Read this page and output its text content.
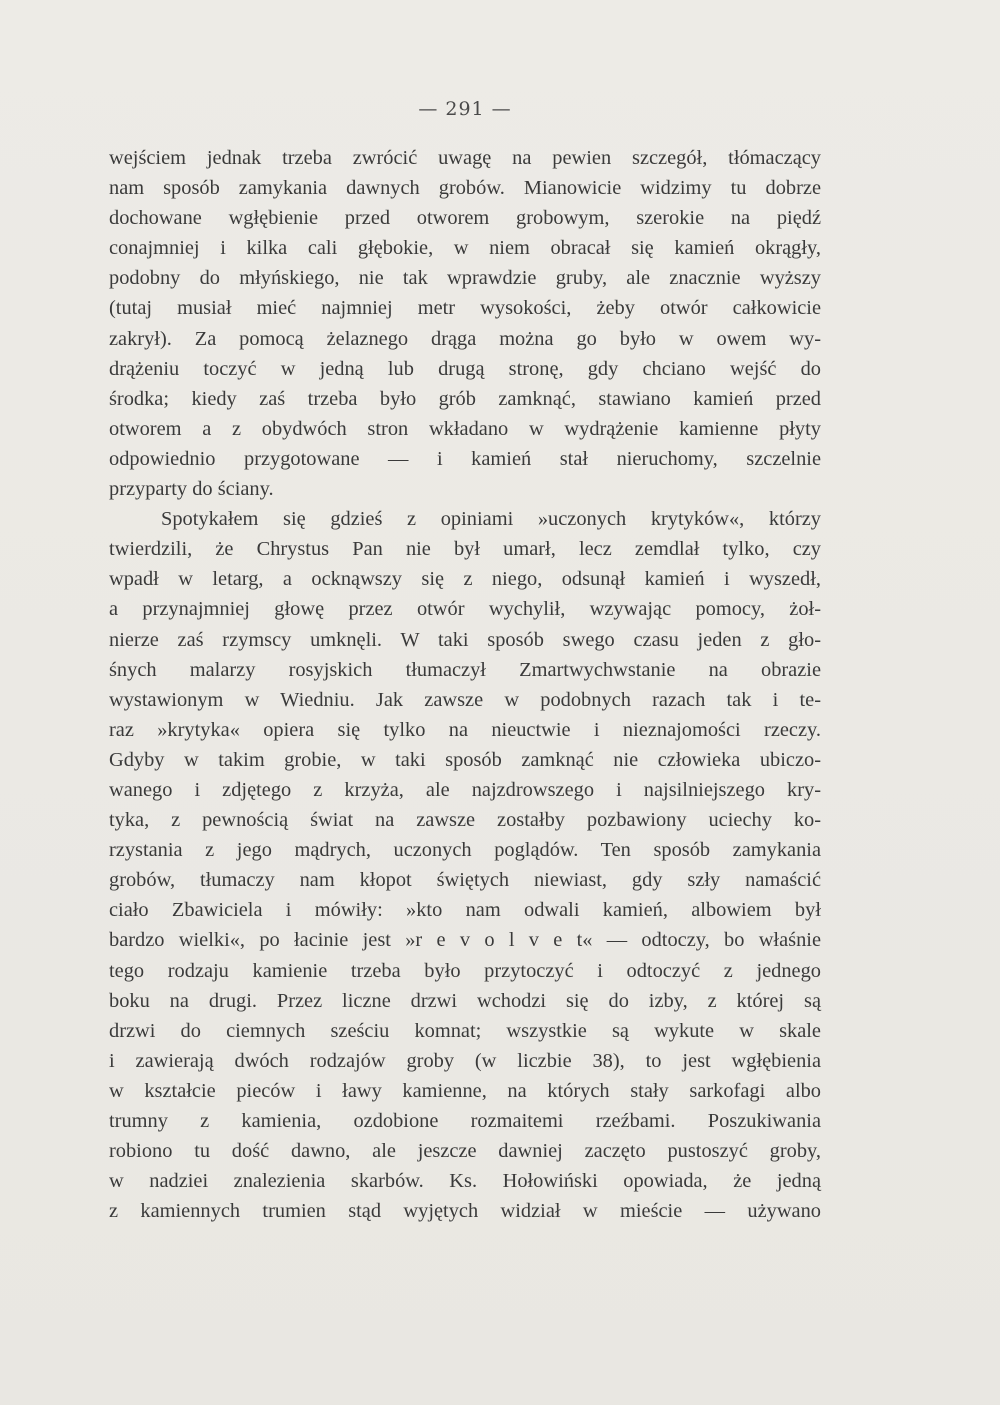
— 291 —
wejściem jednak trzeba zwrócić uwagę na pewien szczegół, tłómaczący
nam sposób zamykania dawnych grobów. Mianowicie widzimy tu dobrze
dochowane wgłębienie przed otworem grobowym, szerokie na piędź
conajmniej i kilka cali głębokie, w niem obracał się kamień okrągły,
podobny do młyńskiego, nie tak wprawdzie gruby, ale znacznie wyższy
(tutaj musiał mieć najmniej metr wysokości, żeby otwór całkowicie
zakrył). Za pomocą żelaznego drąga można go było w owem wy-
drążeniu toczyć w jedną lub drugą stronę, gdy chciano wejść do
środka; kiedy zaś trzeba było grób zamknąć, stawiano kamień przed
otworem a z obydwóch stron wkładano w wydrążenie kamienne płyty
odpowiednio przygotowane — i kamień stał nieruchomy, szczelnie
przyparty do ściany.
Spotykałem się gdzieś z opiniami »uczonych krytyków«, którzy
twierdzili, że Chrystus Pan nie był umarł, lecz zemdlał tylko, czy
wpadł w letarg, a ocknąwszy się z niego, odsunął kamień i wyszedł,
a przynajmniej głowę przez otwór wychylił, wzywając pomocy, żoł-
nierze zaś rzymscy umknęli. W taki sposób swego czasu jeden z gło-
śnych malarzy rosyjskich tłumaczył Zmartwychwstanie na obrazie
wystawionym w Wiedniu. Jak zawsze w podobnych razach tak i te-
raz »krytyka« opiera się tylko na nieuctwie i nieznajomości rzeczy.
Gdyby w takim grobie, w taki sposób zamknąć nie człowieka ubiczo-
wanego i zdjętego z krzyża, ale najzdrowszego i najsilniejszego kry-
tyka, z pewnością świat na zawsze zostałby pozbawiony uciechy ko-
rzystania z jego mądrych, uczonych poglądów. Ten sposób zamykania
grobów, tłumaczy nam kłopot świętych niewiast, gdy szły namaścić
ciało Zbawiciela i mówiły: »kto nam odwali kamień, albowiem był
bardzo wielki«, po łacinie jest »r e v o l v e t« — odtoczy, bo właśnie
tego rodzaju kamienie trzeba było przytoczyć i odtoczyć z jednego
boku na drugi. Przez liczne drzwi wchodzi się do izby, z której są
drzwi do ciemnych sześciu komnat; wszystkie są wykute w skale
i zawierają dwóch rodzajów groby (w liczbie 38), to jest wgłębienia
w kształcie pieców i ławy kamienne, na których stały sarkofagi albo
trumny z kamienia, ozdobione rozmaitemi rzeźbami. Poszukiwania
robiono tu dość dawno, ale jeszcze dawniej zaczęto pustoszyć groby,
w nadziei znalezienia skarbów. Ks. Hołowiński opowiada, że jedną
z kamiennych trumien stąd wyjętych widział w mieście — używano
